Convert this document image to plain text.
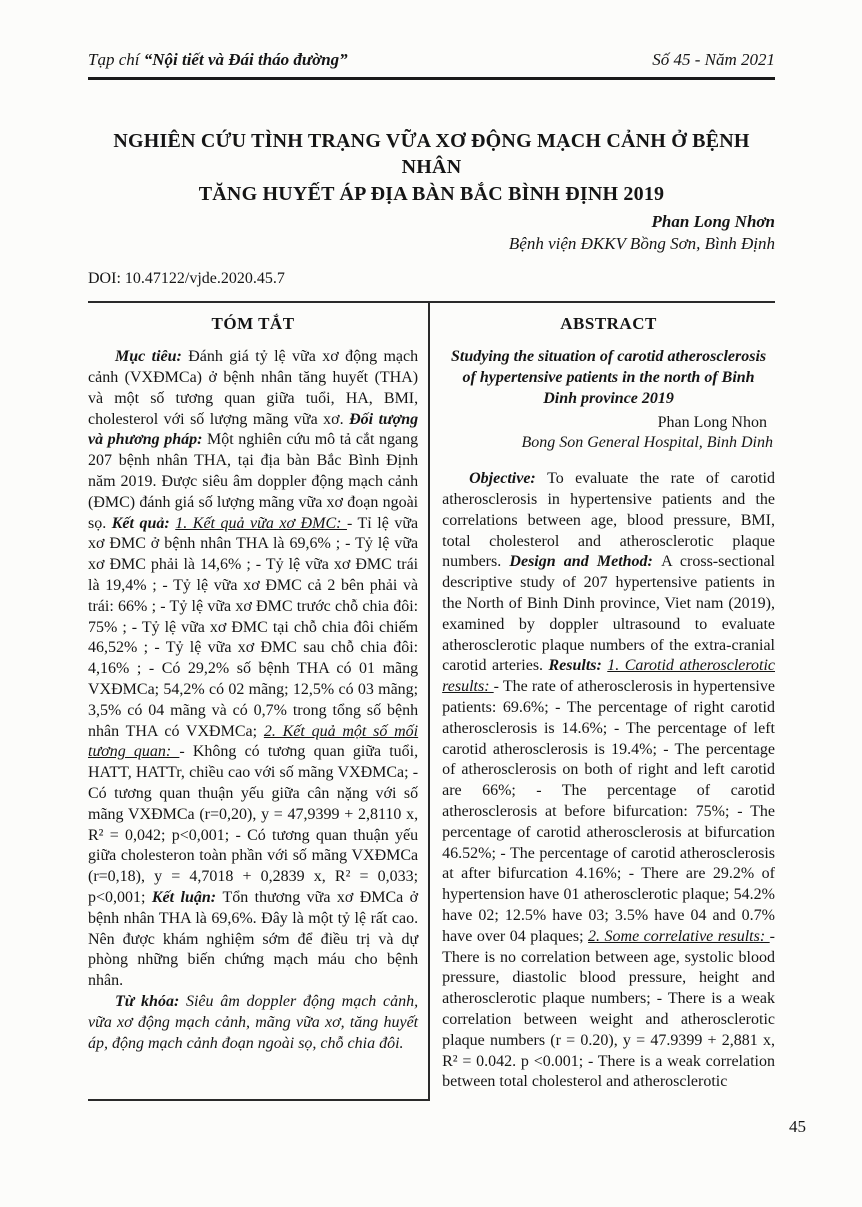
Tạp chí “Nội tiết và Đái tháo đường”	Số 45 - Năm 2021
NGHIÊN CỨU TÌNH TRẠNG VỮA XƠ ĐỘNG MẠCH CẢNH Ở BỆNH NHÂN
TĂNG HUYẾT ÁP ĐỊA BÀN BẮC BÌNH ĐỊNH 2019
Phan Long Nhơn
Bệnh viện ĐKKV Bồng Sơn, Bình Định
DOI: 10.47122/vjde.2020.45.7
TÓM TẮT

Mục tiêu: Đánh giá tỷ lệ vữa xơ động mạch cảnh (VXĐMCa) ở bệnh nhân tăng huyết (THA) và một số tương quan giữa tuổi, HA, BMI, cholesterol với số lượng mãng vữa xơ. Đối tượng và phương pháp: Một nghiên cứu mô tả cắt ngang 207 bệnh nhân THA, tại địa bàn Bắc Bình Định năm 2019. Được siêu âm doppler động mạch cảnh (ĐMC) đánh giá số lượng mãng vữa xơ đoạn ngoài sọ. Kết quả: 1. Kết quả vữa xơ ĐMC: - Tỉ lệ vữa xơ ĐMC ở bệnh nhân THA là 69,6% ; - Tỷ lệ vữa xơ ĐMC phải là 14,6% ; - Tỷ lệ vữa xơ ĐMC trái là 19,4% ; - Tỷ lệ vữa xơ ĐMC cả 2 bên phải và trái: 66% ; - Tỷ lệ vữa xơ ĐMC trước chỗ chia đôi: 75% ; - Tỷ lệ vữa xơ ĐMC tại chỗ chia đôi chiếm 46,52% ; - Tỷ lệ vữa xơ ĐMC sau chỗ chia đôi: 4,16% ; - Có 29,2% số bệnh THA có 01 mãng VXĐMCa; 54,2% có 02 mãng; 12,5% có 03 mãng; 3,5% có 04 mãng và có 0,7% trong tổng số bệnh nhân THA có VXĐMCa; 2. Kết quả một số mối tương quan: - Không có tương quan giữa tuổi, HATT, HATTr, chiều cao với số mãng VXĐMCa; - Có tương quan thuận yếu giữa cân nặng với số mãng VXĐMCa (r=0,20), y = 47,9399 + 2,8110 x, R² = 0,042; p<0,001; - Có tương quan thuận yếu giữa cholesteron toàn phần với số mãng VXĐMCa (r=0,18), y = 4,7018 + 0,2839 x, R² = 0,033; p<0,001; Kết luận: Tổn thương vữa xơ ĐMCa ở bệnh nhân THA là 69,6%. Đây là một tỷ lệ rất cao. Nên được khám nghiệm sớm để điều trị và dự phòng những biến chứng mạch máu cho bệnh nhân.

Từ khóa: Siêu âm doppler động mạch cảnh, vữa xơ động mạch cảnh, mãng vữa xơ, tăng huyết áp, động mạch cảnh đoạn ngoài sọ, chỗ chia đôi.

ABSTRACT
Studying the situation of carotid atherosclerosis of hypertensive patients in the north of Binh Dinh province 2019
Phan Long Nhon
Bong Son General Hospital, Binh Dinh

Objective: To evaluate the rate of carotid atherosclerosis in hypertensive patients and the correlations between age, blood pressure, BMI, total cholesterol and atherosclerotic plaque numbers. Design and Method: A cross-sectional descriptive study of 207 hypertensive patients in the North of Binh Dinh province, Viet nam (2019), examined by doppler ultrasound to evaluate atherosclerotic plaque numbers of the extra-cranial carotid arteries. Results: 1. Carotid atherosclerotic results: - The rate of atherosclerosis in hypertensive patients: 69.6%; - The percentage of right carotid atherosclerosis is 14.6%; - The percentage of left carotid atherosclerosis is 19.4%; - The percentage of atherosclerosis on both of right and left carotid are 66%; - The percentage of carotid atherosclerosis at before bifurcation: 75%; - The percentage of carotid atherosclerosis at bifurcation 46.52%; - The percentage of carotid atherosclerosis at after bifurcation 4.16%; - There are 29.2% of hypertension have 01 atherosclerotic plaque; 54.2% have 02; 12.5% have 03; 3.5% have 04 and 0.7% have over 04 plaques; 2. Some correlative results: - There is no correlation between age, systolic blood pressure, diastolic blood pressure, height and atherosclerotic plaque numbers; - There is a weak correlation between weight and atherosclerotic plaque numbers (r = 0.20), y = 47.9399 + 2,881 x, R² = 0.042. p <0.001; - There is a weak correlation between total cholesterol and atherosclerotic

45
